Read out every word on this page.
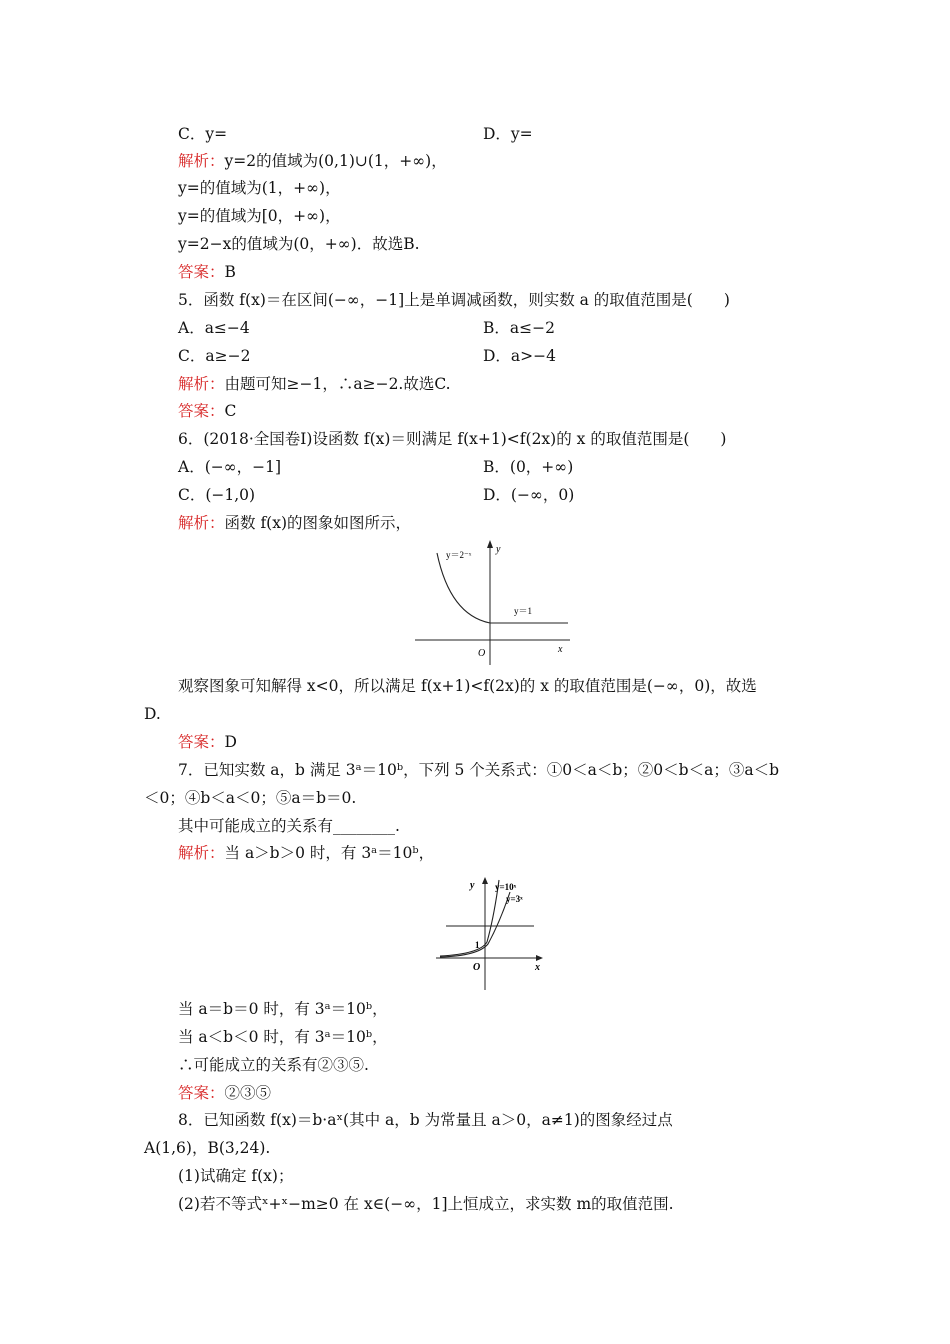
C．y=	D．y=
解析：y=2的值域为(0,1)∪(1，+∞)，
y=的值域为(1，+∞)，
y=的值域为[0，+∞)，
y=2−x的值域为(0，+∞)．故选B.
答案：B
5．函数 f(x)＝在区间(−∞，−1]上是单调减函数，则实数 a 的取值范围是(　　)
A．a≤−4	B．a≤−2
C．a≥−2	D．a>−4
解析：由题可知≥−1，∴a≥−2.故选C.
答案：C
6．(2018·全国卷Ⅰ)设函数 f(x)＝则满足 f(x+1)<f(2x)的 x 的取值范围是(　　)
A．(−∞，−1]	B．(0，+∞)
C．(−1,0)	D．(−∞，0)
解析：函数 f(x)的图象如图所示，
y＝2⁻ˣ
y＝1
y
x
O
观察图象可知解得 x<0，所以满足 f(x+1)<f(2x)的 x 的取值范围是(−∞，0)，故选
D.
答案：D
7．已知实数 a，b 满足 3ᵃ＝10ᵇ，下列 5 个关系式：①0＜a＜b；②0＜b＜a；③a＜b
＜0；④b＜a＜0；⑤a＝b＝0.
其中可能成立的关系有________.
解析：当 a＞b＞0 时，有 3ᵃ＝10ᵇ，
y=10ˣ
y=3ˣ
y
x
O
1
当 a＝b＝0 时，有 3ᵃ＝10ᵇ，
当 a＜b＜0 时，有 3ᵃ＝10ᵇ，
∴可能成立的关系有②③⑤.
答案：②③⑤
8．已知函数 f(x)＝b·aˣ(其中 a，b 为常量且 a＞0，a≠1)的图象经过点
A(1,6)，B(3,24).
(1)试确定 f(x)；
(2)若不等式ˣ+ˣ−m≥0 在 x∈(−∞，1]上恒成立，求实数 m的取值范围.
